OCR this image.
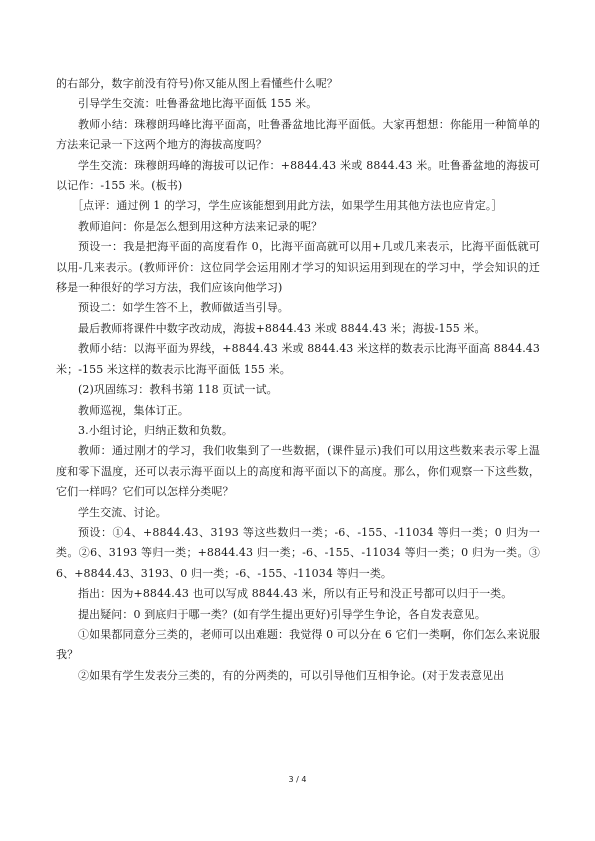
的右部分，数字前没有符号)你又能从图上看懂些什么呢？

引导学生交流：吐鲁番盆地比海平面低 155 米。

教师小结：珠穆朗玛峰比海平面高，吐鲁番盆地比海平面低。大家再想想：你能用一种简单的方法来记录一下这两个地方的海拔高度吗？

学生交流：珠穆朗玛峰的海拔可以记作：+8844.43 米或 8844.43 米。吐鲁番盆地的海拔可以记作：-155 米。(板书)

［点评：通过例 1 的学习，学生应该能想到用此方法，如果学生用其他方法也应肯定。］

教师追问：你是怎么想到用这种方法来记录的呢？

预设一：我是把海平面的高度看作 0，比海平面高就可以用+几或几来表示，比海平面低就可以用-几来表示。(教师评价：这位同学会运用刚才学习的知识运用到现在的学习中，学会知识的迁移是一种很好的学习方法，我们应该向他学习)

预设二：如学生答不上，教师做适当引导。

最后教师将课件中数字改动成，海拔+8844.43 米或 8844.43 米；海拔-155 米。

教师小结：以海平面为界线，+8844.43 米或 8844.43 米这样的数表示比海平面高 8844.43 米；-155 米这样的数表示比海平面低 155 米。

(2)巩固练习：教科书第 118 页试一试。

教师巡视，集体订正。

3.小组讨论，归纳正数和负数。

教师：通过刚才的学习，我们收集到了一些数据，(课件显示)我们可以用这些数来表示零上温度和零下温度，还可以表示海平面以上的高度和海平面以下的高度。那么，你们观察一下这些数，它们一样吗？它们可以怎样分类呢？

学生交流、讨论。

预设：①4、+8844.43、3193 等这些数归一类；-6、-155、-11034 等归一类；0 归为一类。②6、3193 等归一类；+8844.43 归一类；-6、-155、-11034 等归一类；0 归为一类。③6、+8844.43、3193、0 归一类；-6、-155、-11034 等归一类。

指出：因为+8844.43 也可以写成 8844.43 米，所以有正号和没正号都可以归于一类。

提出疑问：0 到底归于哪一类？(如有学生提出更好)引导学生争论，各自发表意见。

①如果都同意分三类的，老师可以出难题：我觉得 0 可以分在 6 它们一类啊，你们怎么来说服我？

②如果有学生发表分三类的，有的分两类的，可以引导他们互相争论。(对于发表意见出

3 / 4
